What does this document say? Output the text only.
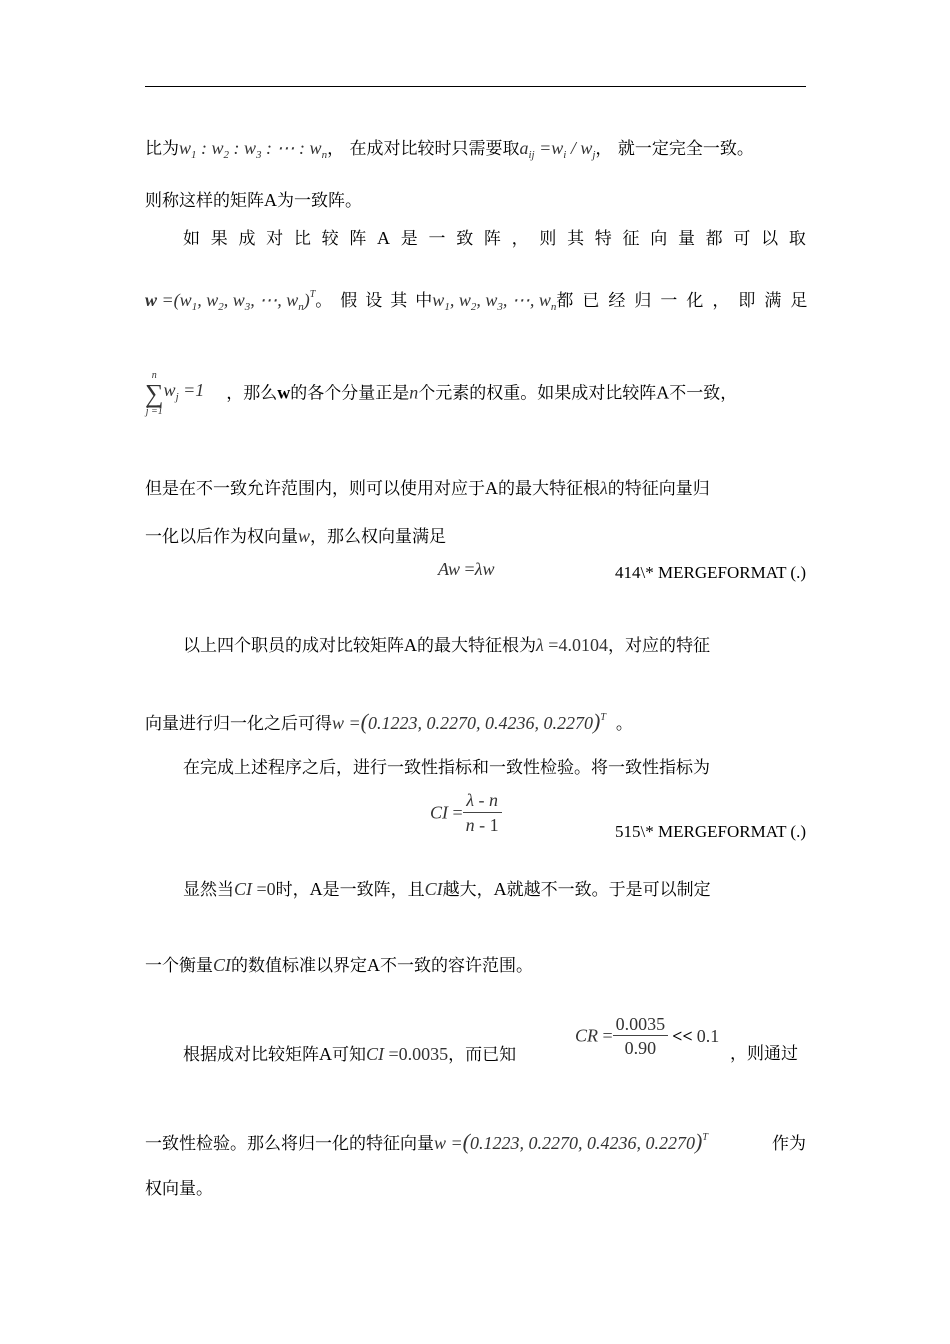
比为$w_1$ : $w_2$ : $w_3$ : ⋯ : $w_n$， 在成对比较时只需要取$a_{ij} =w_i / w_j$， 就一定完全一致。
则称这样的矩阵A为一致阵。
如 果 成 对 比 较 阵 A 是 一 致 阵 ， 则 其 特 征 向 量 都 可 以 取
$w =(w_1$, $w_2$, $w_3$, ⋯, $w_n)^T$ 。 假 设 其 中 $w_1$, $w_2$, $w_3$, ⋯, $w_n$ 都 已 经 归 一 化 ， 即 满 足
n
∑
j =1
$w_j =1$ ，那么w的各个分量正是n个元素的权重。如果成对比较阵A不一致，
但是在不一致允许范围内，则可以使用对应于A的最大特征根λ的特征向量归
一化以后作为权向量w，那么权向量满足
Aw =λw	414\* MERGEFORMAT (.)
以上四个职员的成对比较矩阵A的最大特征根为λ =4.0104，对应的特征
向量进行归一化之后可得w =(0.1223, 0.2270, 0.4236, 0.2270)$^T$ 。
在完成上述程序之后，进行一致性指标和一致性检验。将一致性指标为
CI = $\frac{\lambda - n}{n - 1}$	515\* MERGEFORMAT (.)
显然当CI =0时，A是一致阵，且CI越大，A就越不一致。于是可以制定
一个衡量CI的数值标准以界定A不一致的容许范围。
根据成对比较矩阵A可知CI =0.0035，而已知
CR = $\frac{0.0035}{0.90} << 0.1$
，则通过
一致性检验。那么将归一化的特征向量w =(0.1223, 0.2270, 0.4236, 0.2270)$^T$	作为
权向量。
